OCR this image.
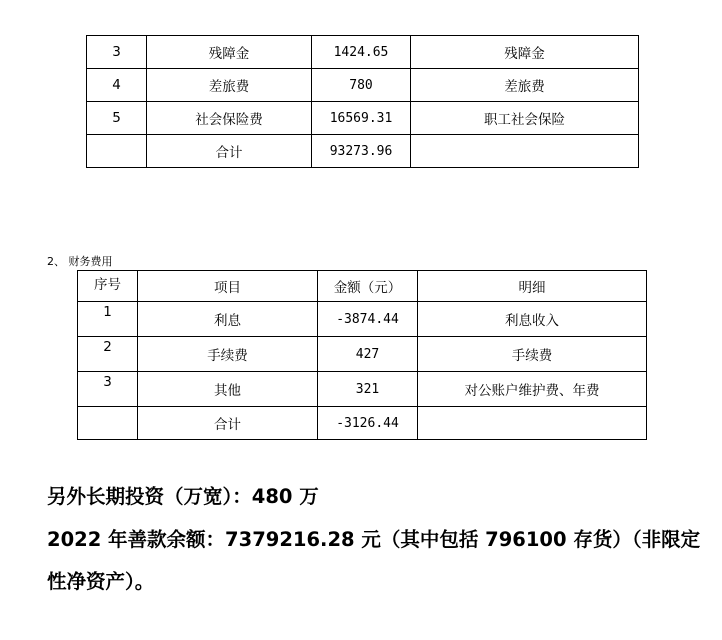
3	残障金	1424.65	残障金
4	差旅费	780	差旅费
5	社会保险费	16569.31	职工社会保险
	合计	93273.96	
2、 财务费用
序号	项目	金额（元）	明细
1	利息	-3874.44	利息收入
2	手续费	427	手续费
3	其他	321	对公账户维护费、年费
	合计	-3126.44	
另外长期投资（万宽）：480 万
2022 年善款余额：7379216.28 元（其中包括 796100 存货）（非限定
性净资产）。
